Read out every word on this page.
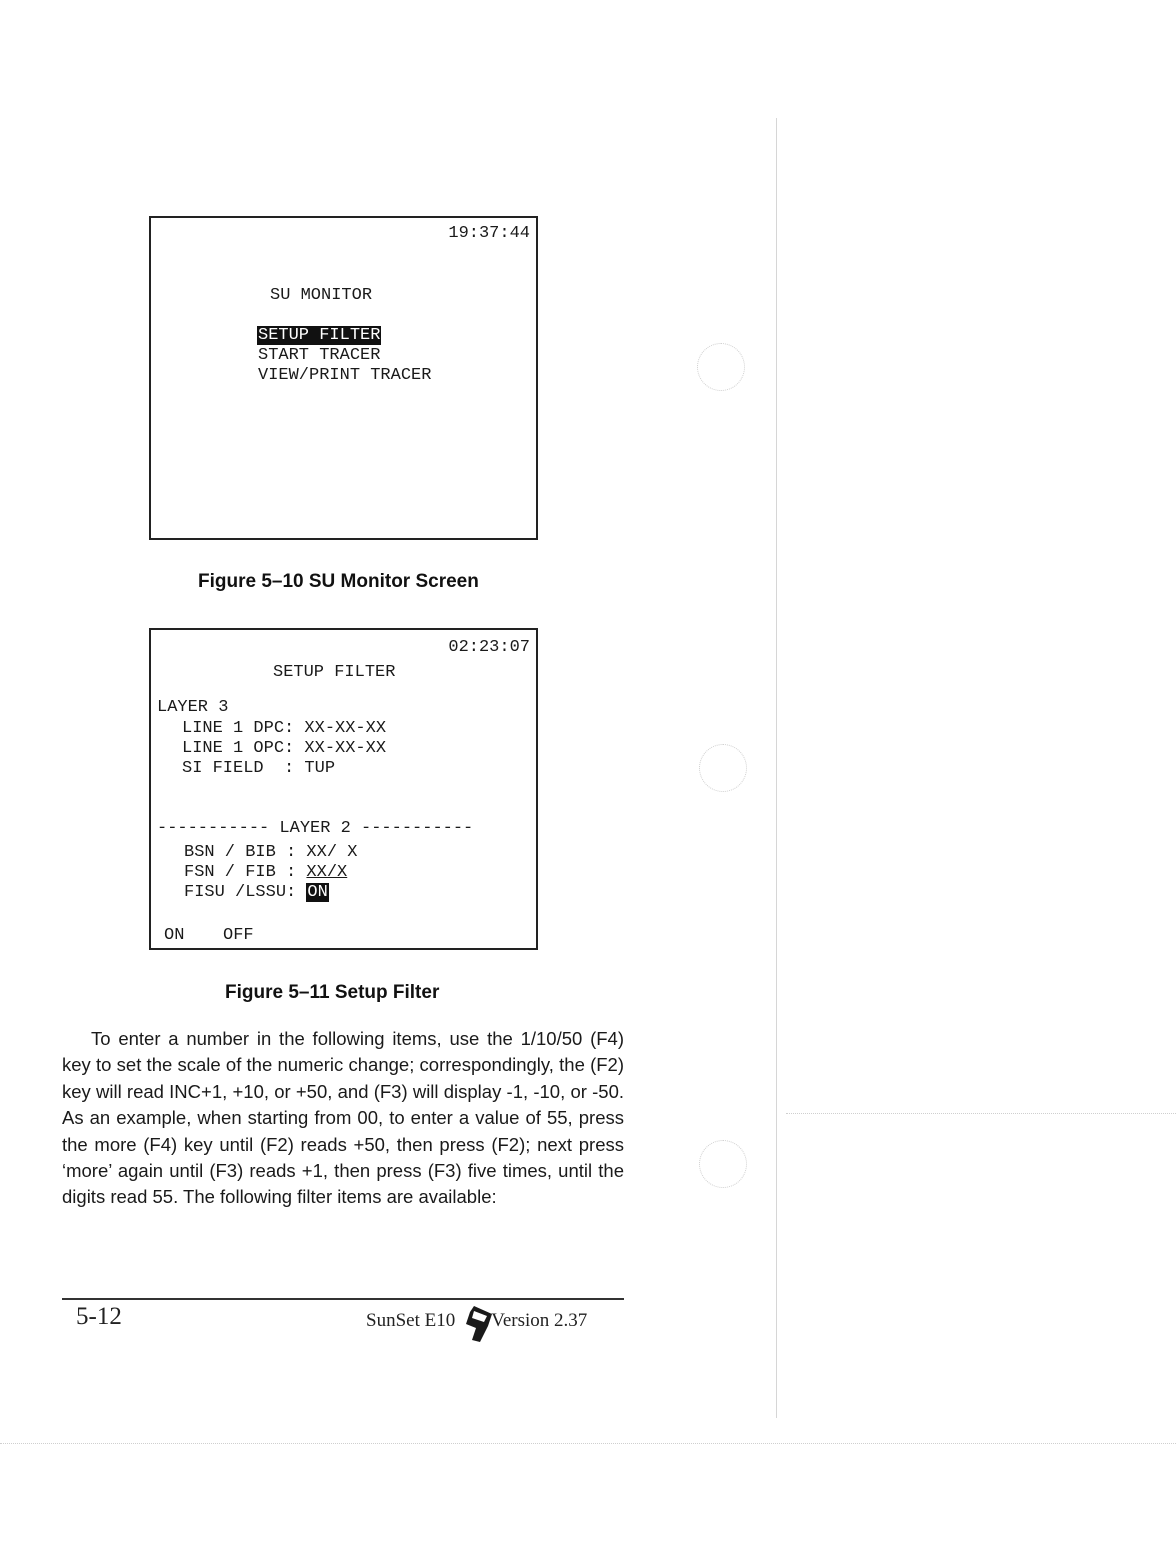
19:37:44
SU MONITOR
SETUP FILTER
START TRACER
VIEW/PRINT TRACER
Figure 5–10 SU Monitor Screen
02:23:07
SETUP FILTER
LAYER 3
LINE 1 DPC: XX-XX-XX
LINE 1 OPC: XX-XX-XX
SI FIELD  : TUP
----------- LAYER 2 -----------
BSN / BIB : XX/ X
FSN / FIB : XX/X
FISU /LSSU: ON
ON OFF
Figure 5–11 Setup Filter
To enter a number in the following items, use the 1/10/50 (F4) key to set the scale of the numeric change; correspondingly, the (F2) key will read INC+1, +10, or +50, and (F3) will display -1, -10, or -50. As an example, when starting from 00, to enter a value of 55, press the more (F4) key until (F2) reads +50, then press (F2); next press ‘more’ again until (F3) reads +1, then press (F3) five times, until the digits read 55. The following filter items are available:
5-12	SunSet E10 Version 2.37
